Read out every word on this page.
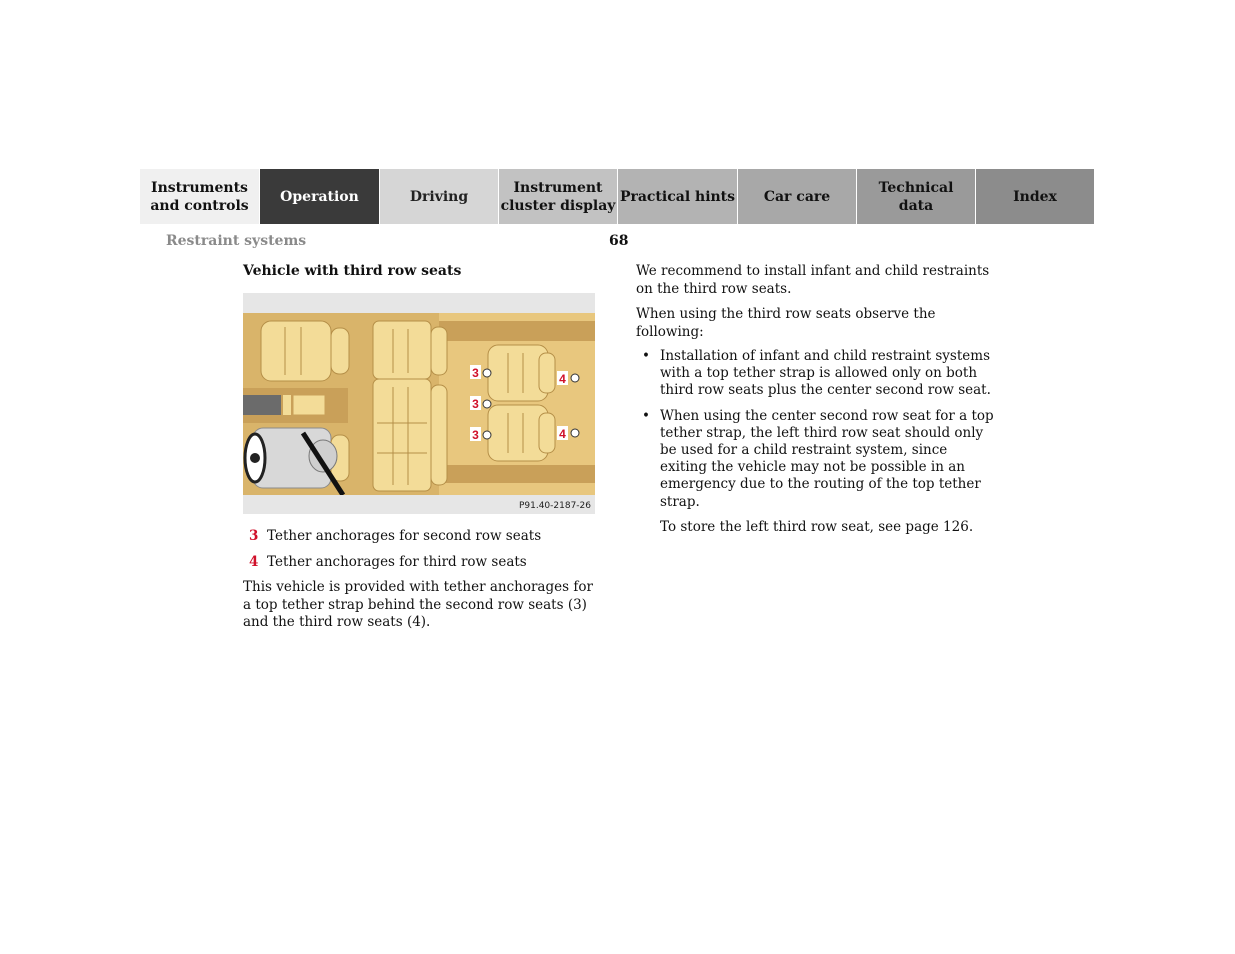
Instruments
and controls
Operation	Driving
Instrument
cluster display
Practical hints Car care
Technical
data
Index
Restraint systems	68
Vehicle with third row seats
3
3
3
4
4
P91.40-2187-26
3 Tether anchorages for second row seats
4 Tether anchorages for third row seats

This vehicle is provided with tether anchorages for a top tether strap behind the second row seats (3) and the third row seats (4).

We recommend to install infant and child restraints on the third row seats.

When using the third row seats observe the following:

• Installation of infant and child restraint systems with a top tether strap is allowed only on both third row seats plus the center second row seat.
• When using the center second row seat for a top tether strap, the left third row seat should only be used for a child restraint system, since exiting the vehicle may not be possible in an emergency due to the routing of the top tether strap.

To store the left third row seat, see page 126.
